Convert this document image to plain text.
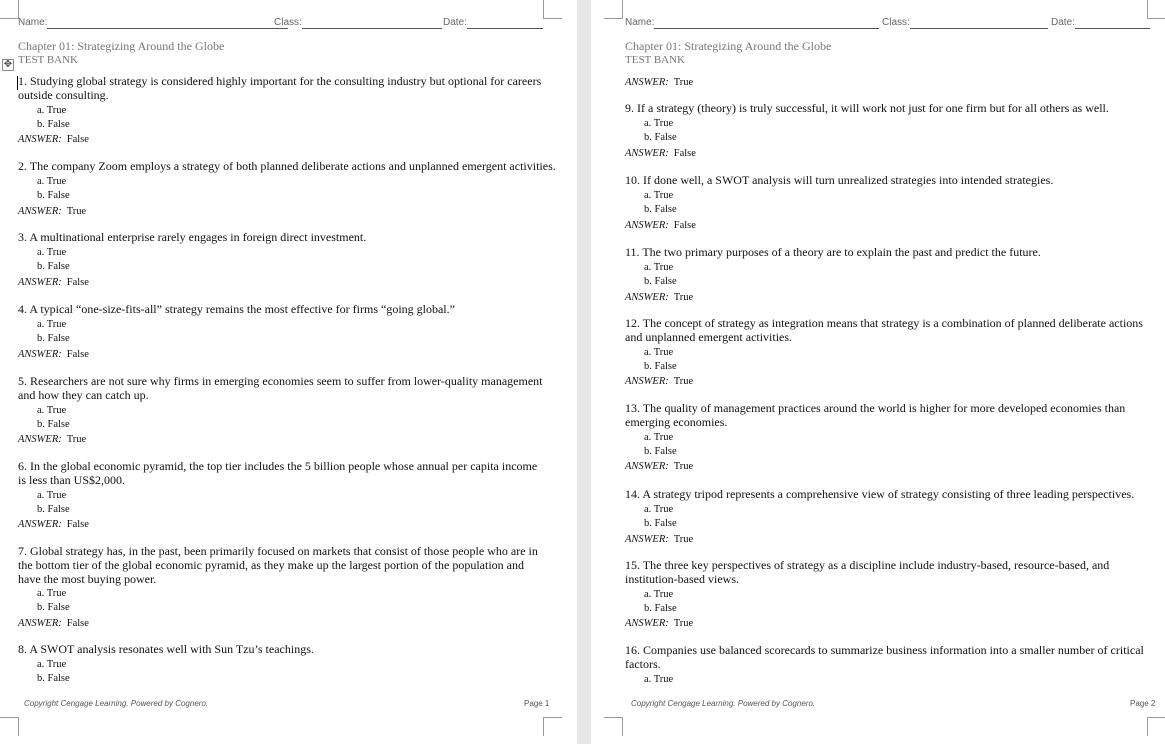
Name:	Class:	Date:
Chapter 01: Strategizing Around the Globe
TEST BANK
✥
1. Studying global strategy is considered highly important for the consulting industry but optional for careers outside consulting.
a. True
b. False
ANSWER: False
2. The company Zoom employs a strategy of both planned deliberate actions and unplanned emergent activities.
a. True
b. False
ANSWER: True
3. A multinational enterprise rarely engages in foreign direct investment.
a. True
b. False
ANSWER: False
4. A typical “one-size-fits-all” strategy remains the most effective for firms “going global.”
a. True
b. False
ANSWER: False
5. Researchers are not sure why firms in emerging economies seem to suffer from lower-quality management and how they can catch up.
a. True
b. False
ANSWER: True
6. In the global economic pyramid, the top tier includes the 5 billion people whose annual per capita income is less than US$2,000.
a. True
b. False
ANSWER: False
7. Global strategy has, in the past, been primarily focused on markets that consist of those people who are in the bottom tier of the global economic pyramid, as they make up the largest portion of the population and have the most buying power.
a. True
b. False
ANSWER: False
8. A SWOT analysis resonates well with Sun Tzu’s teachings.
a. True
b. False
Copyright Cengage Learning. Powered by Cognero.	Page 1
Name:	Class:	Date:
Chapter 01: Strategizing Around the Globe
TEST BANK
ANSWER: True
9. If a strategy (theory) is truly successful, it will work not just for one firm but for all others as well.
a. True
b. False
ANSWER: False
10. If done well, a SWOT analysis will turn unrealized strategies into intended strategies.
a. True
b. False
ANSWER: False
11. The two primary purposes of a theory are to explain the past and predict the future.
a. True
b. False
ANSWER: True
12. The concept of strategy as integration means that strategy is a combination of planned deliberate actions and unplanned emergent activities.
a. True
b. False
ANSWER: True
13. The quality of management practices around the world is higher for more developed economies than emerging economies.
a. True
b. False
ANSWER: True
14. A strategy tripod represents a comprehensive view of strategy consisting of three leading perspectives.
a. True
b. False
ANSWER: True
15. The three key perspectives of strategy as a discipline include industry-based, resource-based, and institution-based views.
a. True
b. False
ANSWER: True
16. Companies use balanced scorecards to summarize business information into a smaller number of critical factors.
a. True
Copyright Cengage Learning. Powered by Cognero.	Page 2
